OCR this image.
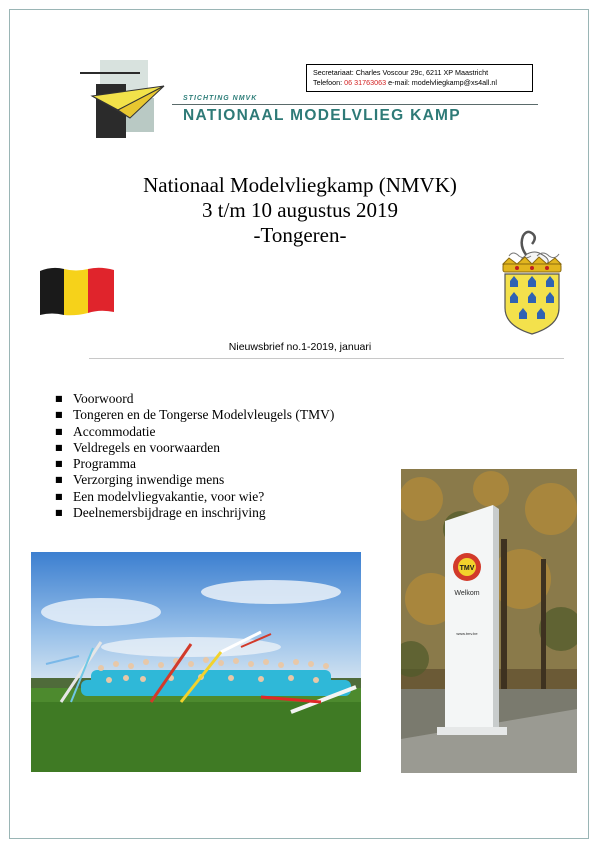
STICHTING NMVK
NATIONAAL MODELVLIEG KAMP
Secretariaat: Charles Voscour 29c, 6211 XP Maastricht
Telefoon: 06 31763063 e-mail: modelvliegkamp@xs4all.nl
Nationaal Modelvliegkamp (NMVK)
3 t/m 10 augustus 2019
-Tongeren-
Nieuwsbrief no.1-2019, januari
■ Voorwoord
■ Tongeren en de Tongerse Modelvleugels (TMV)
■ Accommodatie
■ Veldregels en voorwaarden
■ Programma
■ Verzorging inwendige mens
■ Een modelvliegvakantie, voor wie?
■ Deelnemersbijdrage en inschrijving
TMV
Welkom
www.tmv.be
